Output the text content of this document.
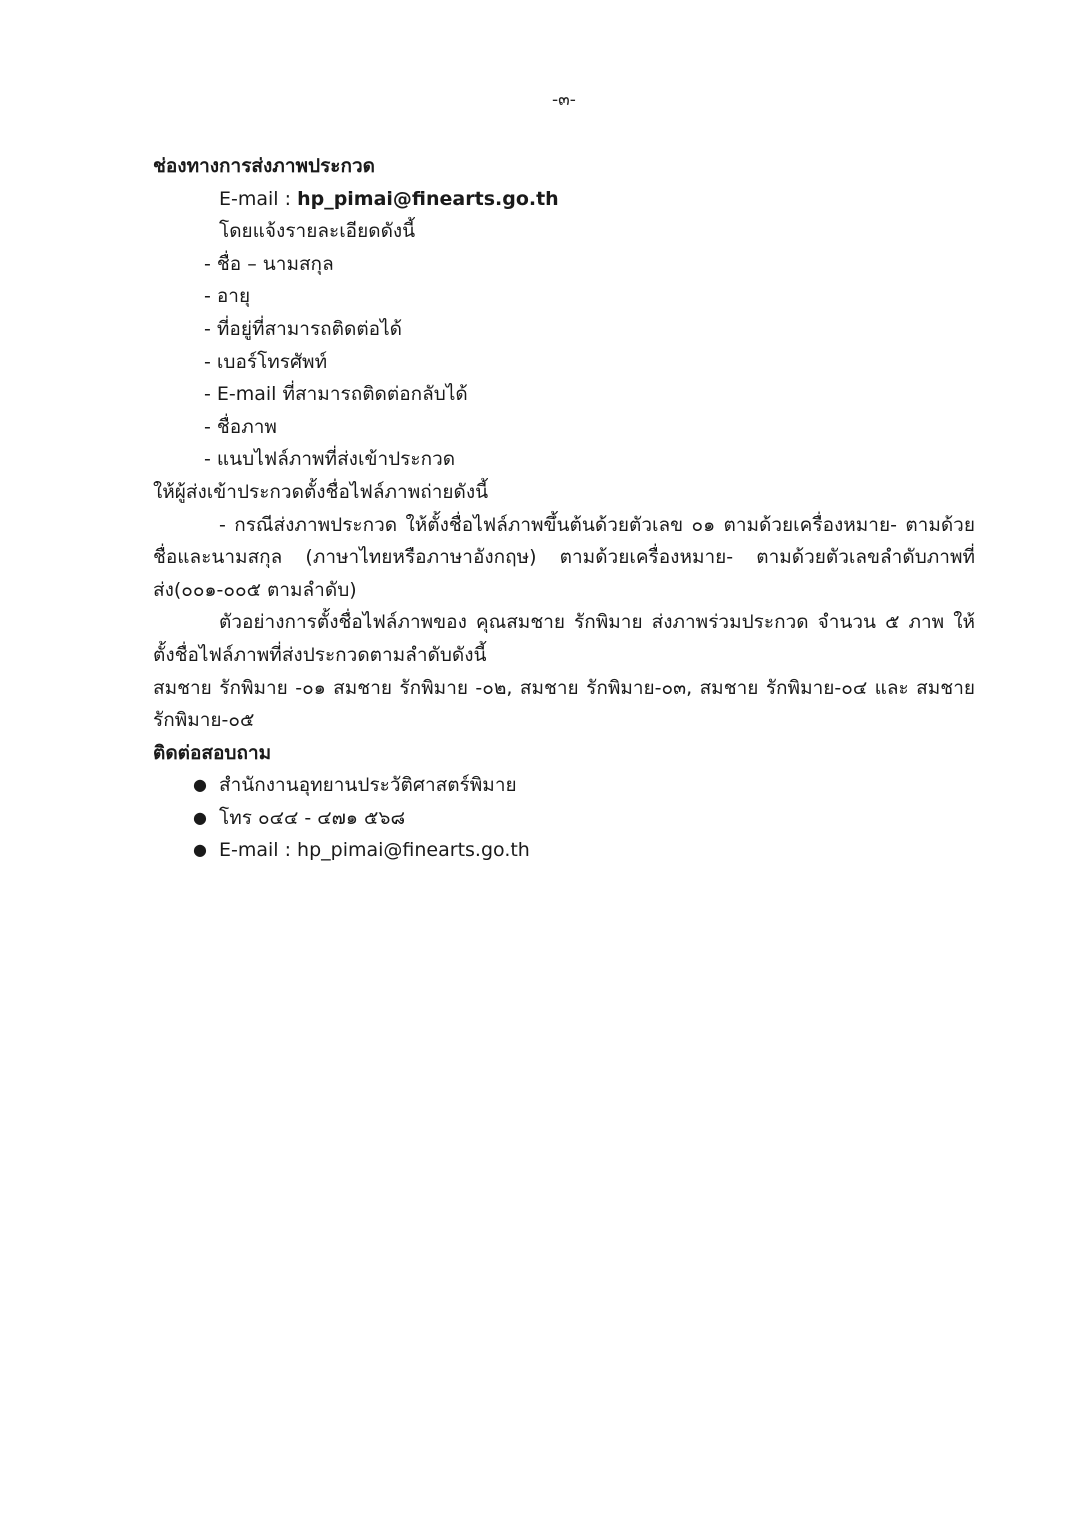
-๓-
ช่องทางการส่งภาพประกวด
E-mail : hp_pimai@finearts.go.th
โดยแจ้งรายละเอียดดังนี้
- ชื่อ – นามสกุล
- อายุ
- ที่อยู่ที่สามารถติดต่อได้
- เบอร์โทรศัพท์
- E-mail ที่สามารถติดต่อกลับได้
- ชื่อภาพ
- แนบไฟล์ภาพที่ส่งเข้าประกวด
ให้ผู้ส่งเข้าประกวดตั้งชื่อไฟล์ภาพถ่ายดังนี้
- กรณีส่งภาพประกวด ให้ตั้งชื่อไฟล์ภาพขึ้นต้นด้วยตัวเลข ๐๑ ตามด้วยเครื่องหมาย- ตามด้วยชื่อและนามสกุล (ภาษาไทยหรือภาษาอังกฤษ) ตามด้วยเครื่องหมาย- ตามด้วยตัวเลขลำดับภาพที่ส่ง(๐๐๑-๐๐๕ ตามลำดับ)
ตัวอย่างการตั้งชื่อไฟล์ภาพของ คุณสมชาย รักพิมาย ส่งภาพร่วมประกวด จำนวน ๕ ภาพ ให้ตั้งชื่อไฟล์ภาพที่ส่งประกวดตามลำดับดังนี้
สมชาย รักพิมาย -๐๑ สมชาย รักพิมาย -๐๒, สมชาย รักพิมาย-๐๓, สมชาย รักพิมาย-๐๔ และ สมชาย รักพิมาย-๐๕
ติดต่อสอบถาม
● สำนักงานอุทยานประวัติศาสตร์พิมาย
● โทร ๐๔๔ - ๔๗๑ ๕๖๘
● E-mail : hp_pimai@finearts.go.th
